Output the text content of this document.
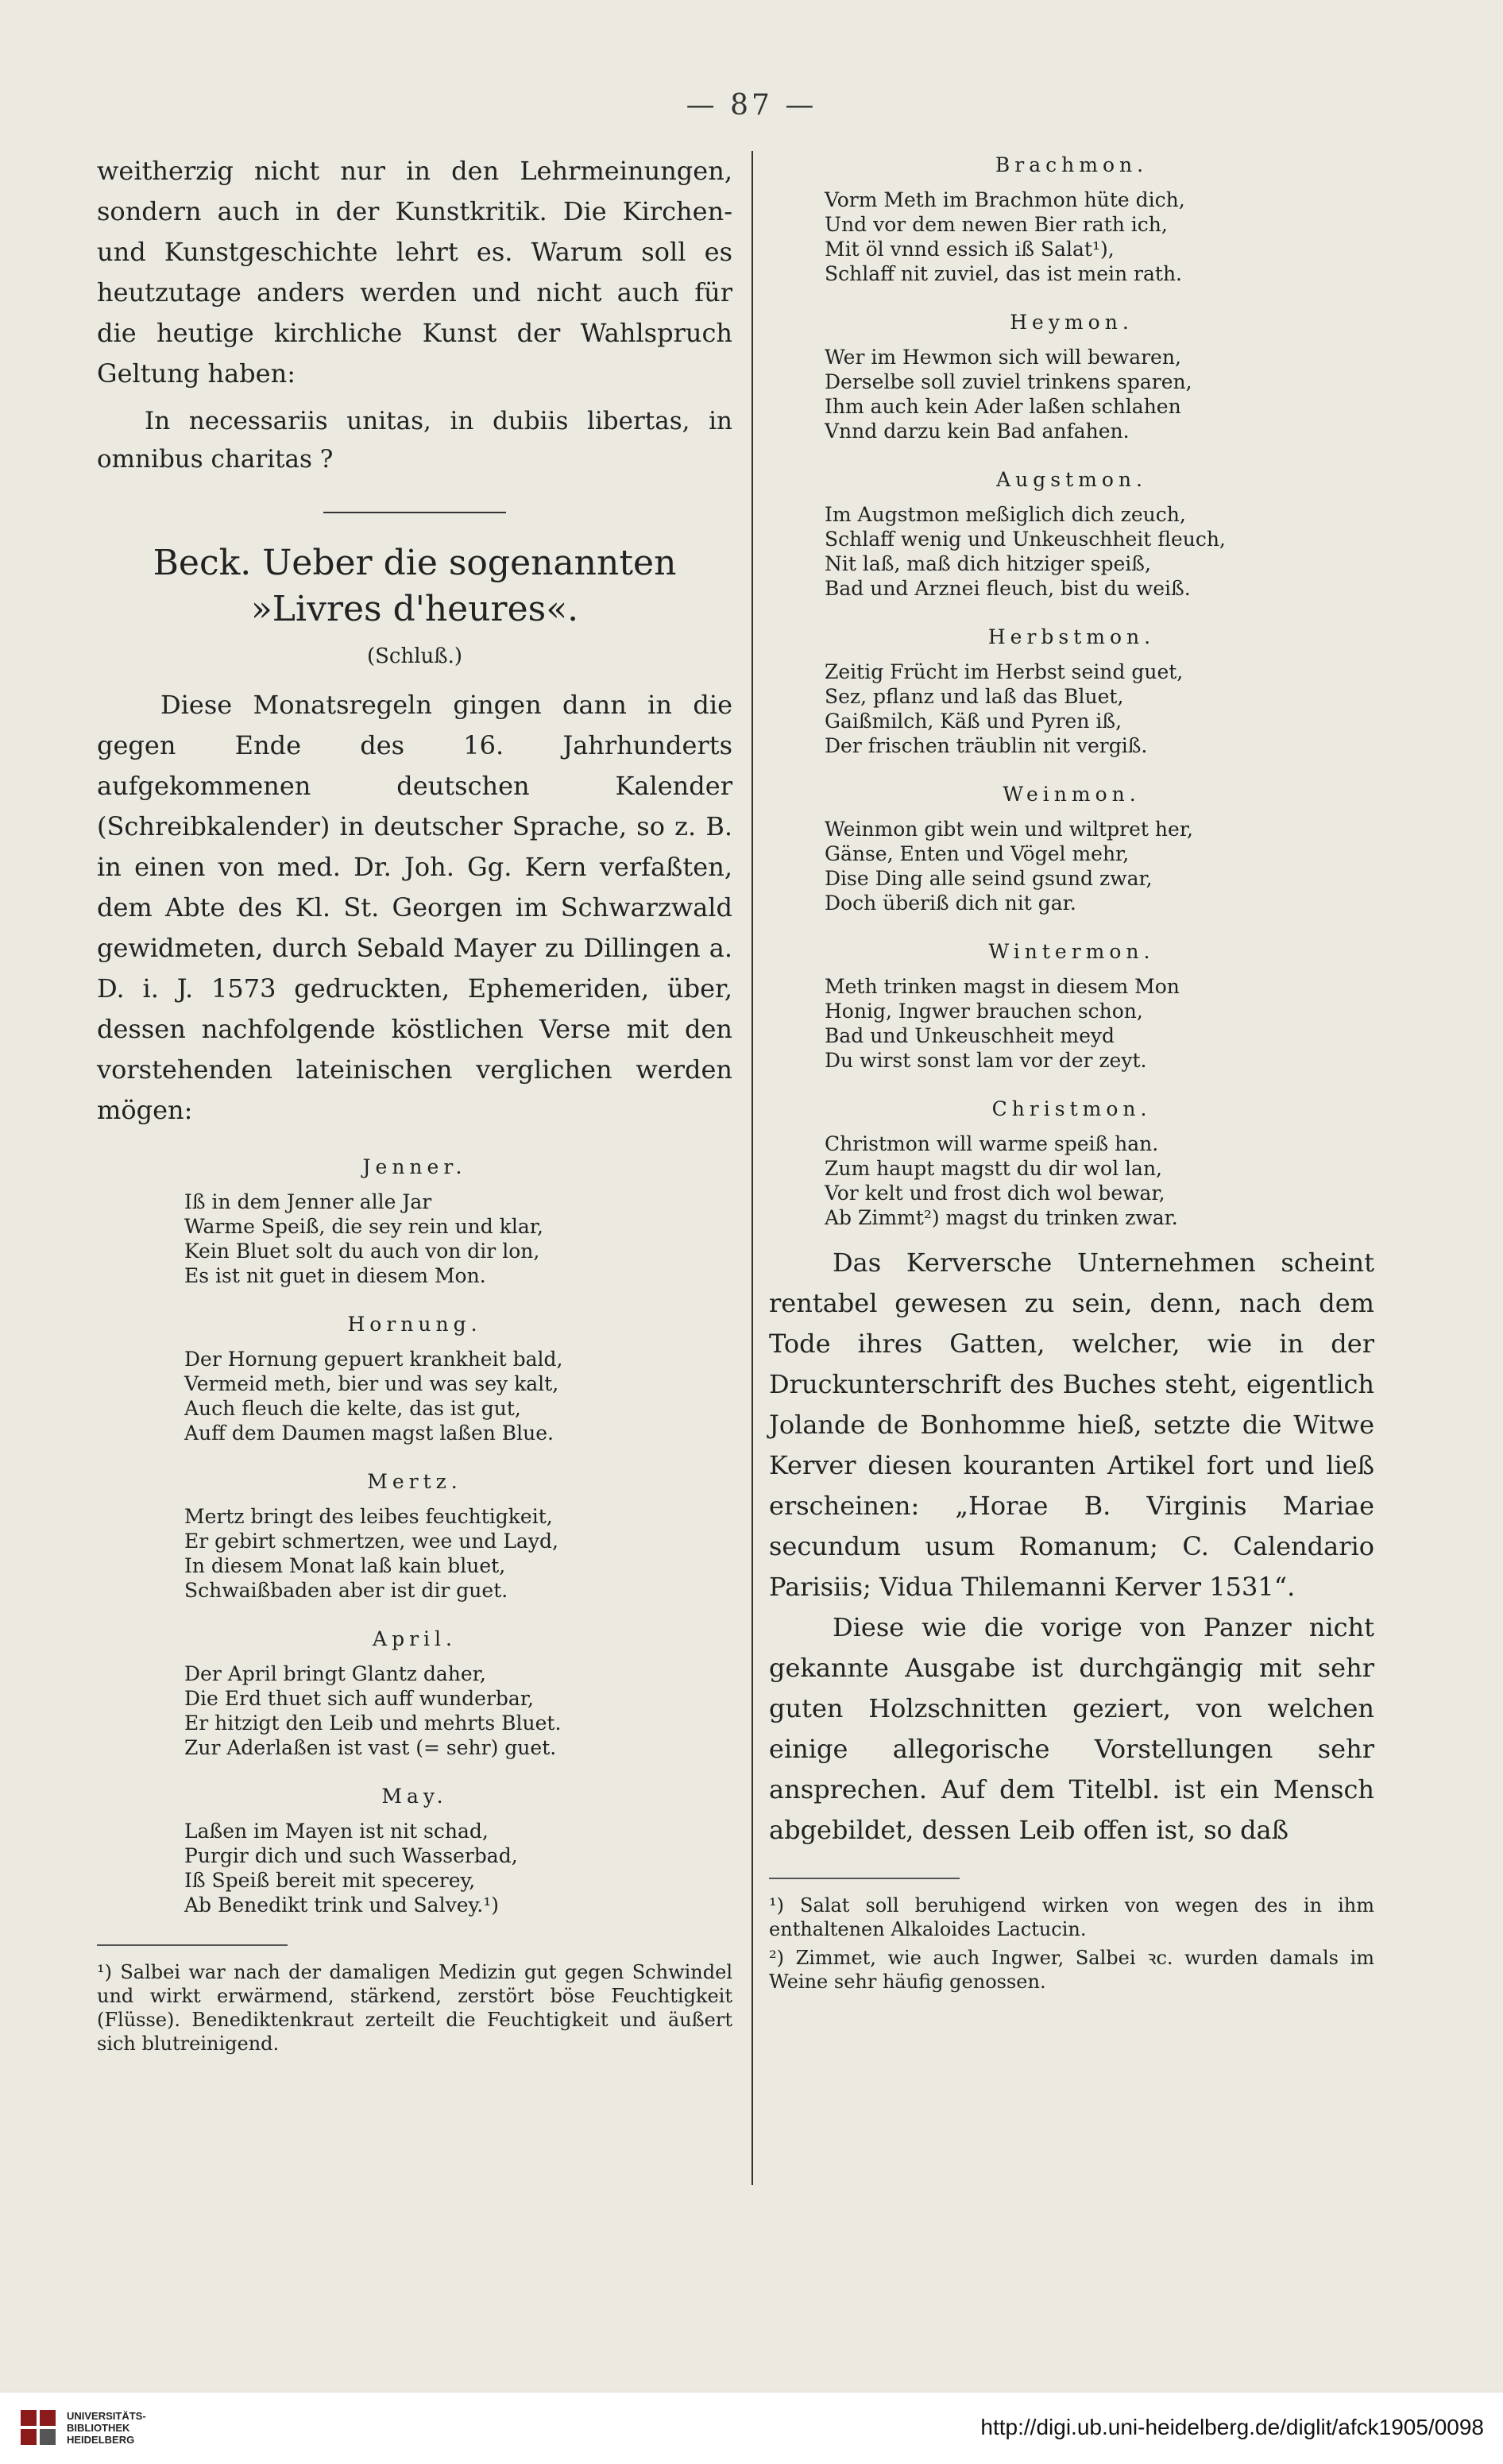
— 87 —

weitherzig nicht nur in den Lehrmeinungen, sondern auch in der Kunstkritik. Die Kirchen- und Kunstgeschichte lehrt es. Warum soll es heutzutage anders werden und nicht auch für die heutige kirchliche Kunst der Wahlspruch Geltung haben:

In necessariis unitas, in dubiis libertas, in omnibus charitas ?

Beck. Ueber die sogenannten

»Livres d'heures«.

(Schluß.)

Diese Monatsregeln gingen dann in die gegen Ende des 16. Jahrhunderts aufgekommenen deutschen Kalender (Schreibkalender) in deutscher Sprache, so z. B. in einen von med. Dr. Joh. Gg. Kern verfaßten, dem Abte des Kl. St. Georgen im Schwarzwald gewidmeten, durch Sebald Mayer zu Dillingen a. D. i. J. 1573 gedruckten, Ephemeriden, über, dessen nachfolgende köstlichen Verse mit den vorstehenden lateinischen verglichen werden mögen:

Jenner.

Iß in dem Jenner alle Jar

Warme Speiß, die sey rein und klar,

Kein Bluet solt du auch von dir lon,

Es ist nit guet in diesem Mon.

Hornung.

Der Hornung gepuert krankheit bald,

Vermeid meth, bier und was sey kalt,

Auch fleuch die kelte, das ist gut,

Auff dem Daumen magst laßen Blue.

Mertz.

Mertz bringt des leibes feuchtigkeit,

Er gebirt schmertzen, wee und Layd,

In diesem Monat laß kain bluet,

Schwaißbaden aber ist dir guet.

April.

Der April bringt Glantz daher,

Die Erd thuet sich auff wunderbar,

Er hitzigt den Leib und mehrts Bluet.

Zur Aderlaßen ist vast (= sehr) guet.

May.

Laßen im Mayen ist nit schad,

Purgir dich und such Wasserbad,

Iß Speiß bereit mit specerey,

Ab Benedikt trink und Salvey.¹)

¹) Salbei war nach der damaligen Medizin gut gegen Schwindel und wirkt erwärmend, stärkend, zerstört böse Feuchtigkeit (Flüsse). Benediktenkraut zerteilt die Feuchtigkeit und äußert sich blutreinigend.

Brachmon.

Vorm Meth im Brachmon hüte dich,

Und vor dem newen Bier rath ich,

Mit öl vnnd essich iß Salat¹),

Schlaff nit zuviel, das ist mein rath.

Heymon.

Wer im Hewmon sich will bewaren,

Derselbe soll zuviel trinkens sparen,

Ihm auch kein Ader laßen schlahen

Vnnd darzu kein Bad anfahen.

Augstmon.

Im Augstmon meßiglich dich zeuch,

Schlaff wenig und Unkeuschheit fleuch,

Nit laß, maß dich hitziger speiß,

Bad und Arznei fleuch, bist du weiß.

Herbstmon.

Zeitig Frücht im Herbst seind guet,

Sez, pflanz und laß das Bluet,

Gaißmilch, Käß und Pyren iß,

Der frischen träublin nit vergiß.

Weinmon.

Weinmon gibt wein und wiltpret her,

Gänse, Enten und Vögel mehr,

Dise Ding alle seind gsund zwar,

Doch überiß dich nit gar.

Wintermon.

Meth trinken magst in diesem Mon

Honig, Ingwer brauchen schon,

Bad und Unkeuschheit meyd

Du wirst sonst lam vor der zeyt.

Christmon.

Christmon will warme speiß han.

Zum haupt magstt du dir wol lan,

Vor kelt und frost dich wol bewar,

Ab Zimmt²) magst du trinken zwar.

Das Kerversche Unternehmen scheint rentabel gewesen zu sein, denn, nach dem Tode ihres Gatten, welcher, wie in der Druckunterschrift des Buches steht, eigentlich Jolande de Bonhomme hieß, setzte die Witwe Kerver diesen kouranten Artikel fort und ließ erscheinen: „Horae B. Virginis Mariae secundum usum Romanum; C. Calendario Parisiis; Vidua Thilemanni Kerver 1531“.

Diese wie die vorige von Panzer nicht gekannte Ausgabe ist durchgängig mit sehr guten Holzschnitten geziert, von welchen einige allegorische Vorstellungen sehr ansprechen. Auf dem Titelbl. ist ein Mensch abgebildet, dessen Leib offen ist, so daß

¹) Salat soll beruhigend wirken von wegen des in ihm enthaltenen Alkaloides Lactucin.

²) Zimmet, wie auch Ingwer, Salbei ꝛc. wurden damals im Weine sehr häufig genossen.

UNIVERSITÄTS-
BIBLIOTHEK
HEIDELBERG
http://digi.ub.uni-heidelberg.de/diglit/afck1905/0098
